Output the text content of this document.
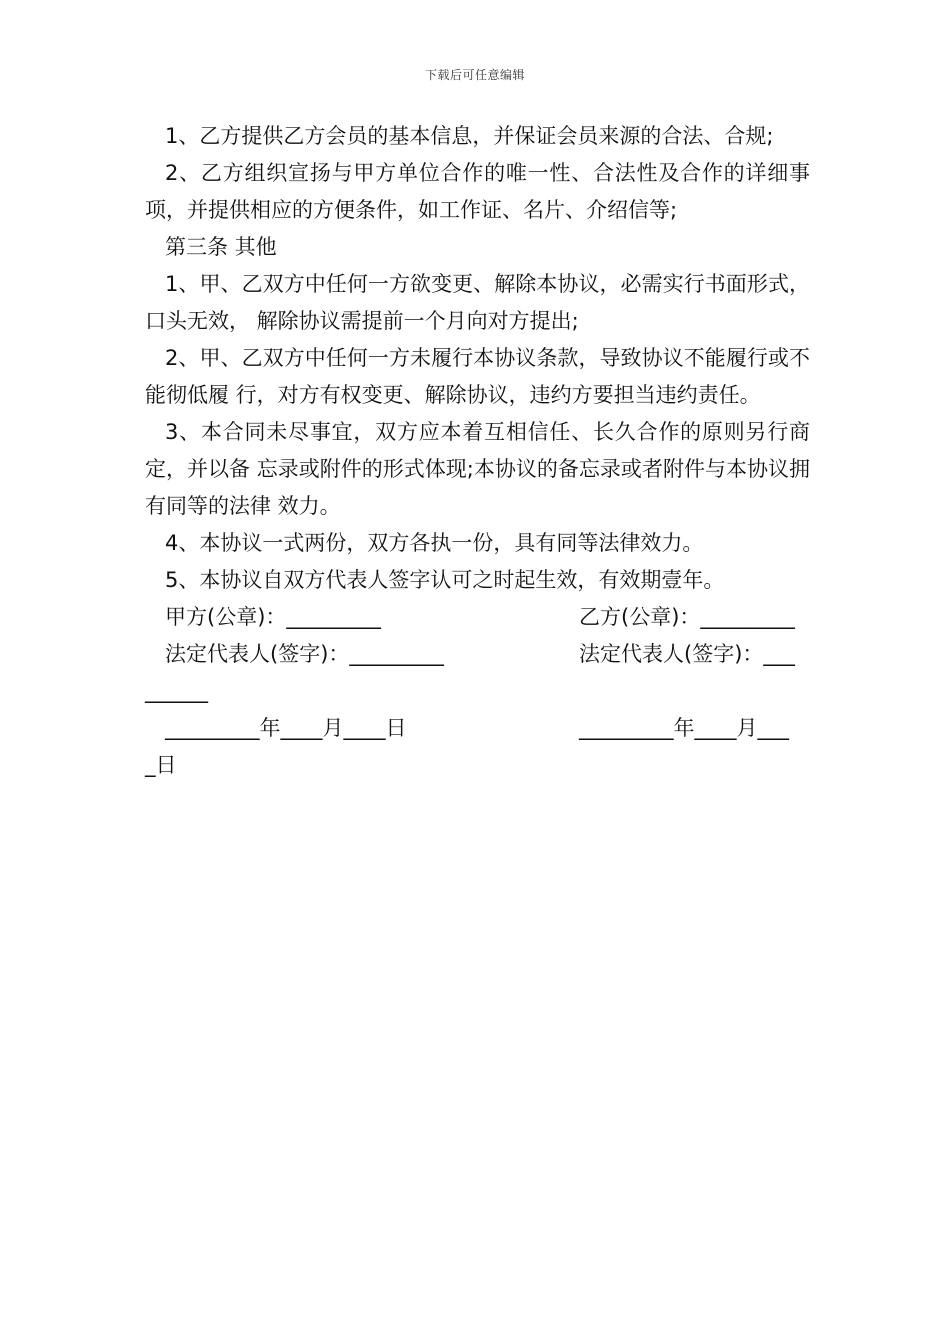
下载后可任意编辑

1、乙方提供乙方会员的基本信息，并保证会员来源的合法、合规;

2、乙方组织宣扬与甲方单位合作的唯一性、合法性及合作的详细事项，并提供相应的方便条件，如工作证、名片、介绍信等;

第三条 其他

1、甲、乙双方中任何一方欲变更、解除本协议，必需实行书面形式，口头无效， 解除协议需提前一个月向对方提出;

2、甲、乙双方中任何一方未履行本协议条款，导致协议不能履行或不能彻低履 行，对方有权变更、解除协议，违约方要担当违约责任。

3、本合同未尽事宜，双方应本着互相信任、长久合作的原则另行商定，并以备 忘录或附件的形式体现;本协议的备忘录或者附件与本协议拥有同等的法律 效力。

4、本协议一式两份，双方各执一份，具有同等法律效力。

5、本协议自双方代表人签字认可之时起生效，有效期壹年。

甲方(公章)：_________	乙方(公章)：_________
法定代表人(签字)：_________	法定代表人(签字)：___

______

_________年____月____日	_________年____月___

_日
